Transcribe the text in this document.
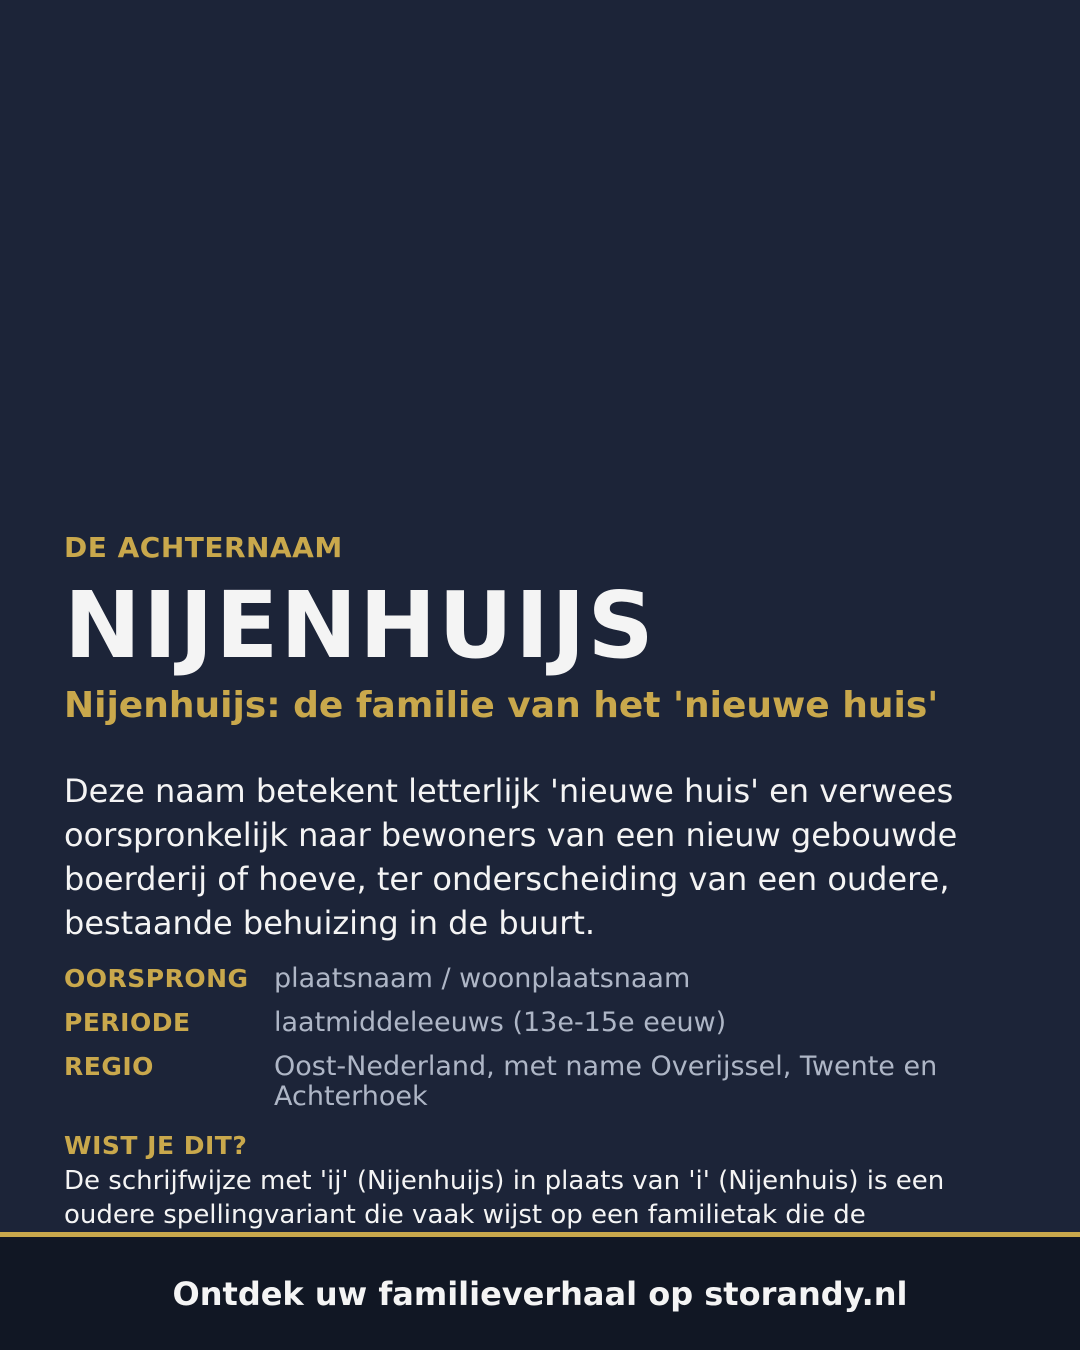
DE ACHTERNAAM
NIJENHUIJS
Nijenhuijs: de familie van het 'nieuwe huis'
Deze naam betekent letterlijk 'nieuwe huis' en verwees oorspronkelijk naar bewoners van een nieuw gebouwde boerderij of hoeve, ter onderscheiding van een oudere, bestaande behuizing in de buurt.
OORSPRONG plaatsnaam / woonplaatsnaam
PERIODE	laatmiddeleeuws (13e-15e eeuw)
REGIO	Oost-Nederland, met name Overijssel, Twente en Achterhoek
WIST JE DIT?
De schrijfwijze met 'ij' (Nijenhuijs) in plaats van 'i' (Nijenhuis) is een oudere spellingvariant die vaak wijst op een familietak die de
Ontdek uw familieverhaal op storandy.nl
